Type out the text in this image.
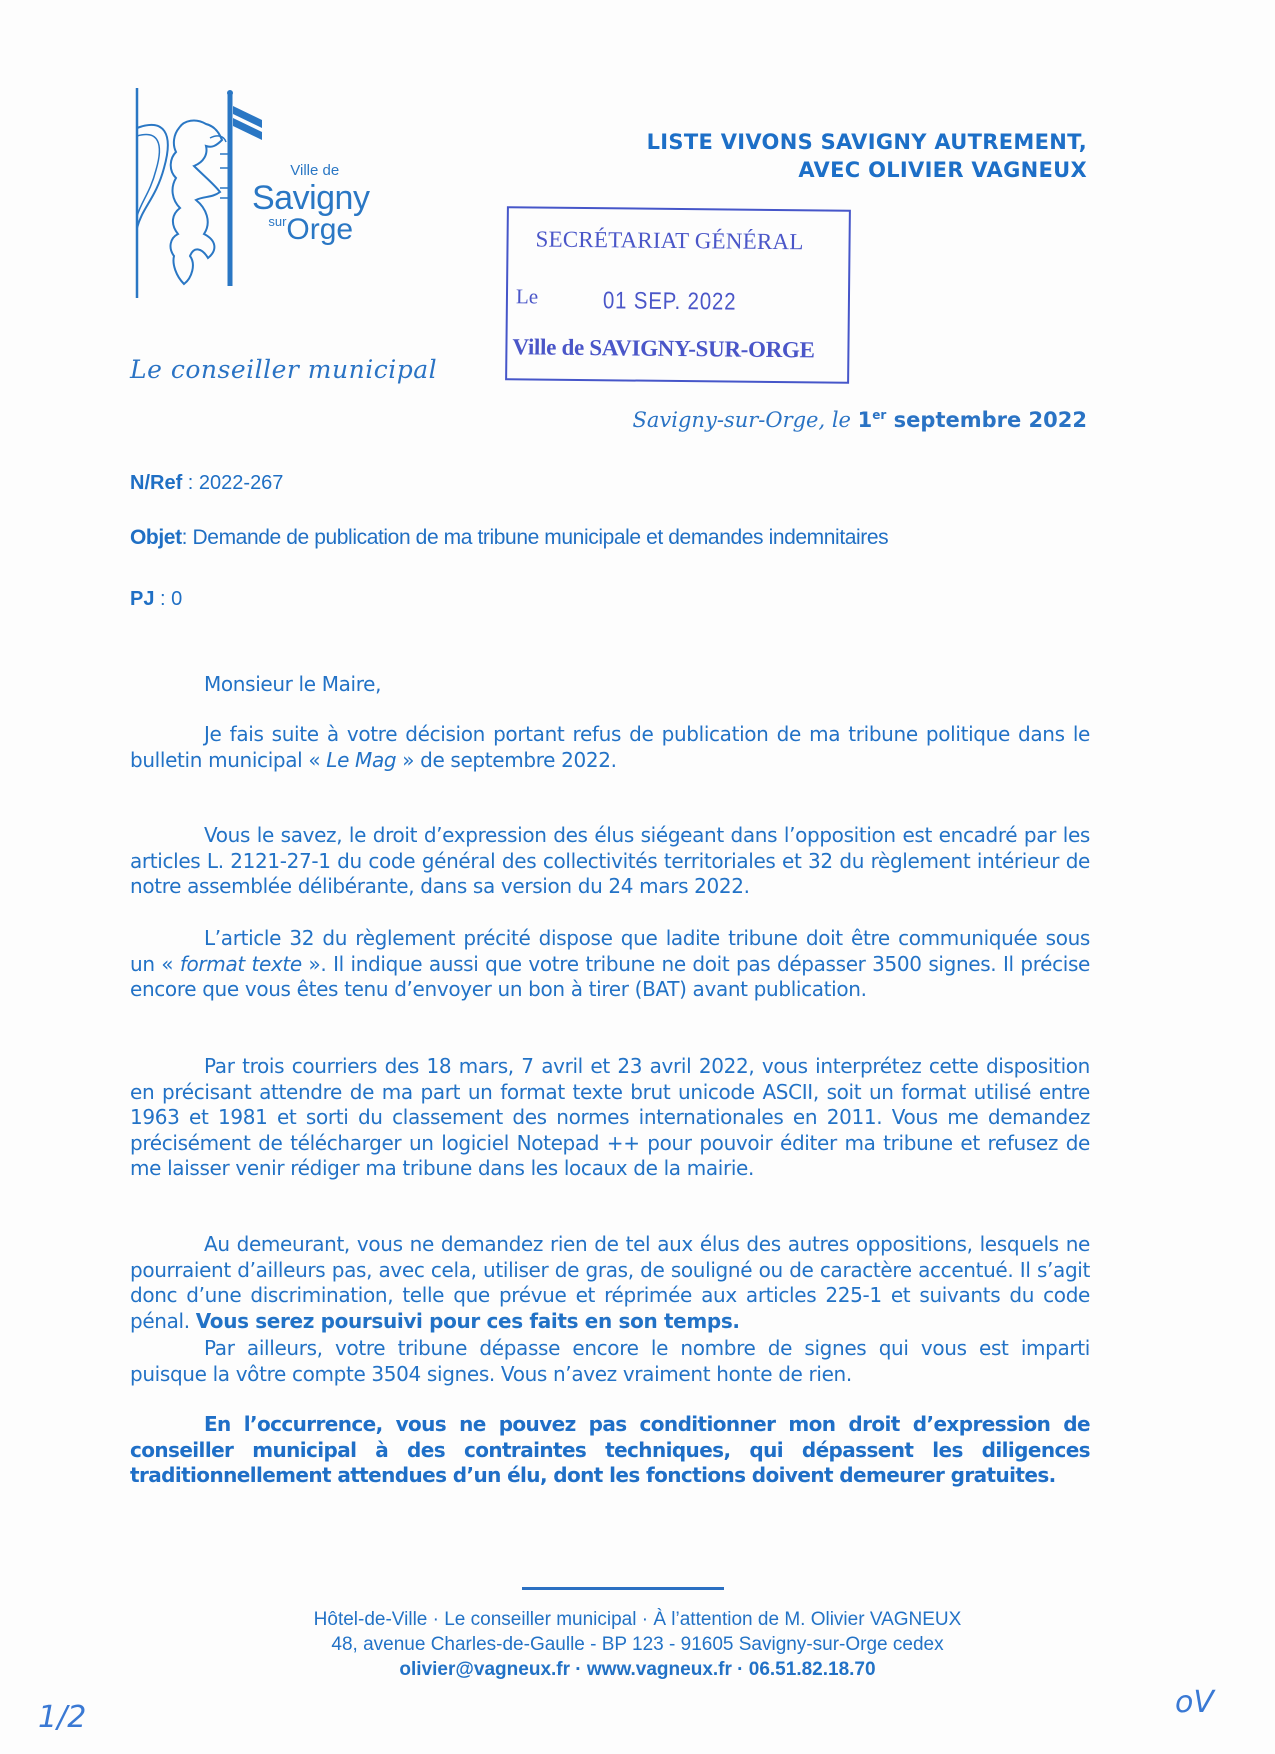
Ville de
Savigny
$^{sur}$Orge
LISTE VIVONS SAVIGNY AUTREMENT,
AVEC OLIVIER VAGNEUX
SECRÉTARIAT GÉNÉRAL
Le	01 SEP. 2022
Ville de SAVIGNY-SUR-ORGE
Le conseiller municipal
Savigny-sur-Orge, le 1er septembre 2022
N/Ref : 2022-267
Objet: Demande de publication de ma tribune municipale et demandes indemnitaires
PJ : 0

Monsieur le Maire,

Je fais suite à votre décision portant refus de publication de ma tribune politique dans le bulletin municipal « Le Mag » de septembre 2022.

Vous le savez, le droit d’expression des élus siégeant dans l’opposition est encadré par les articles L. 2121-27-1 du code général des collectivités territoriales et 32 du règlement intérieur de notre assemblée délibérante, dans sa version du 24 mars 2022.

L’article 32 du règlement précité dispose que ladite tribune doit être communiquée sous un « format texte ». Il indique aussi que votre tribune ne doit pas dépasser 3500 signes. Il précise encore que vous êtes tenu d’envoyer un bon à tirer (BAT) avant publication.

Par trois courriers des 18 mars, 7 avril et 23 avril 2022, vous interprétez cette disposition en précisant attendre de ma part un format texte brut unicode ASCII, soit un format utilisé entre 1963 et 1981 et sorti du classement des normes internationales en 2011. Vous me demandez précisément de télécharger un logiciel Notepad ++ pour pouvoir éditer ma tribune et refusez de me laisser venir rédiger ma tribune dans les locaux de la mairie.

Au demeurant, vous ne demandez rien de tel aux élus des autres oppositions, lesquels ne pourraient d’ailleurs pas, avec cela, utiliser de gras, de souligné ou de caractère accentué. Il s’agit donc d’une discrimination, telle que prévue et réprimée aux articles 225-1 et suivants du code pénal. Vous serez poursuivi pour ces faits en son temps.

Par ailleurs, votre tribune dépasse encore le nombre de signes qui vous est imparti puisque la vôtre compte 3504 signes. Vous n’avez vraiment honte de rien.

En l’occurrence, vous ne pouvez pas conditionner mon droit d’expression de conseiller municipal à des contraintes techniques, qui dépassent les diligences traditionnellement attendues d’un élu, dont les fonctions doivent demeurer gratuites.

Hôtel-de-Ville · Le conseiller municipal · À l’attention de M. Olivier VAGNEUX
48, avenue Charles-de-Gaulle - BP 123 - 91605 Savigny-sur-Orge cedex
olivier@vagneux.fr · www.vagneux.fr · 06.51.82.18.70
1/2	oV
